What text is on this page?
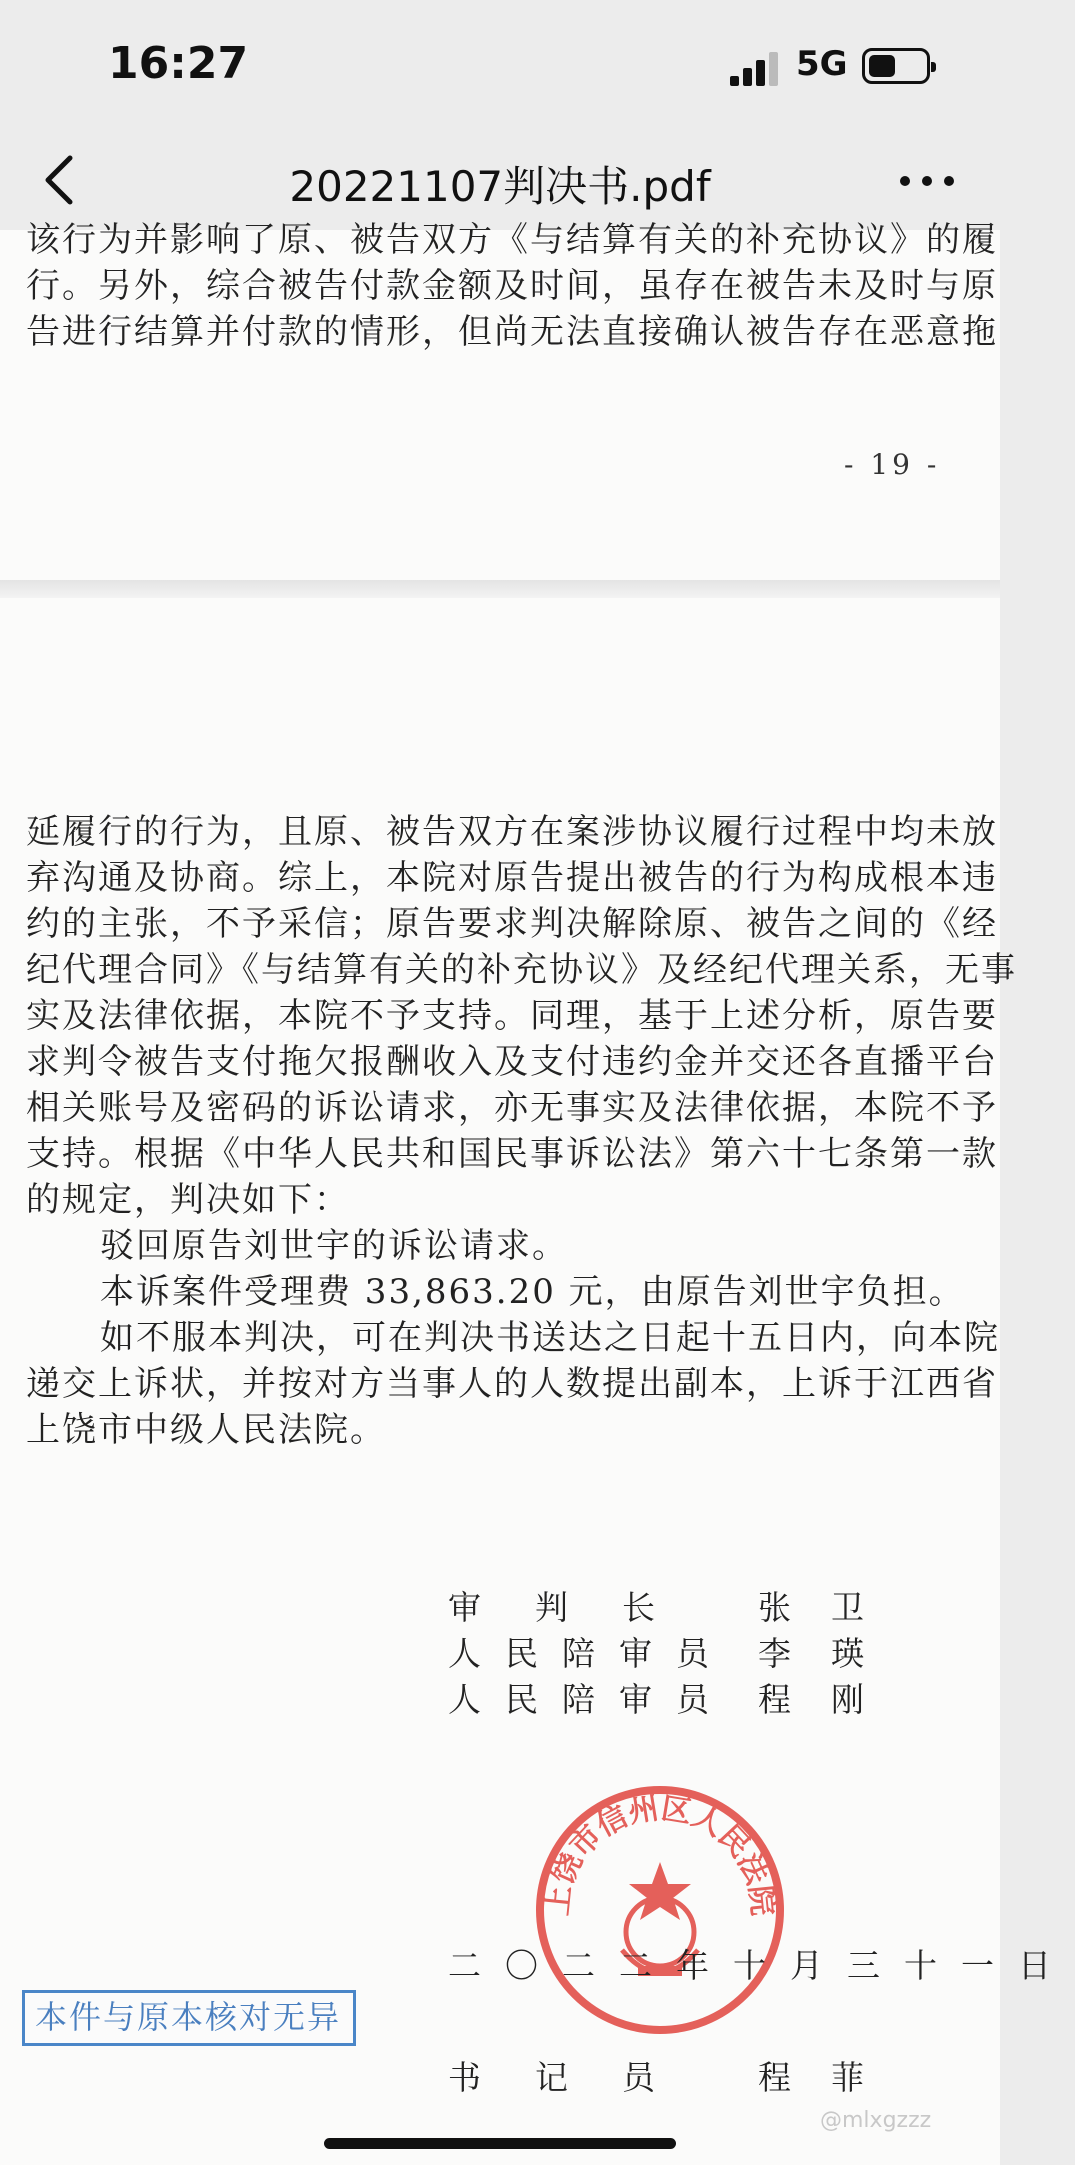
16:27	5G
20221107判决书.pdf
该行为并影响了原、被告双方《与结算有关的补充协议》的履
行。另外，综合被告付款金额及时间，虽存在被告未及时与原
告进行结算并付款的情形，但尚无法直接确认被告存在恶意拖
- 19 -
延履行的行为，且原、被告双方在案涉协议履行过程中均未放
弃沟通及协商。综上，本院对原告提出被告的行为构成根本违
约的主张，不予采信；原告要求判决解除原、被告之间的《经
纪代理合同》《与结算有关的补充协议》及经纪代理关系，无事
实及法律依据，本院不予支持。同理，基于上述分析，原告要
求判令被告支付拖欠报酬收入及支付违约金并交还各直播平台
相关账号及密码的诉讼请求，亦无事实及法律依据，本院不予
支持。根据《中华人民共和国民事诉讼法》第六十七条第一款
的规定，判决如下：
驳回原告刘世宇的诉讼请求。
本诉案件受理费 33,863.20 元，由原告刘世宇负担。
如不服本判决，可在判决书送达之日起十五日内，向本院
递交上诉状，并按对方当事人的人数提出副本，上诉于江西省
上饶市中级人民法院。
审判长 张卫
人民陪审员 李瑛
人民陪审员 程刚
上饶市信州区人民法院
二〇二二年十月三十一日
本件与原本核对无异
书记员 程菲
@mlxgzzz
